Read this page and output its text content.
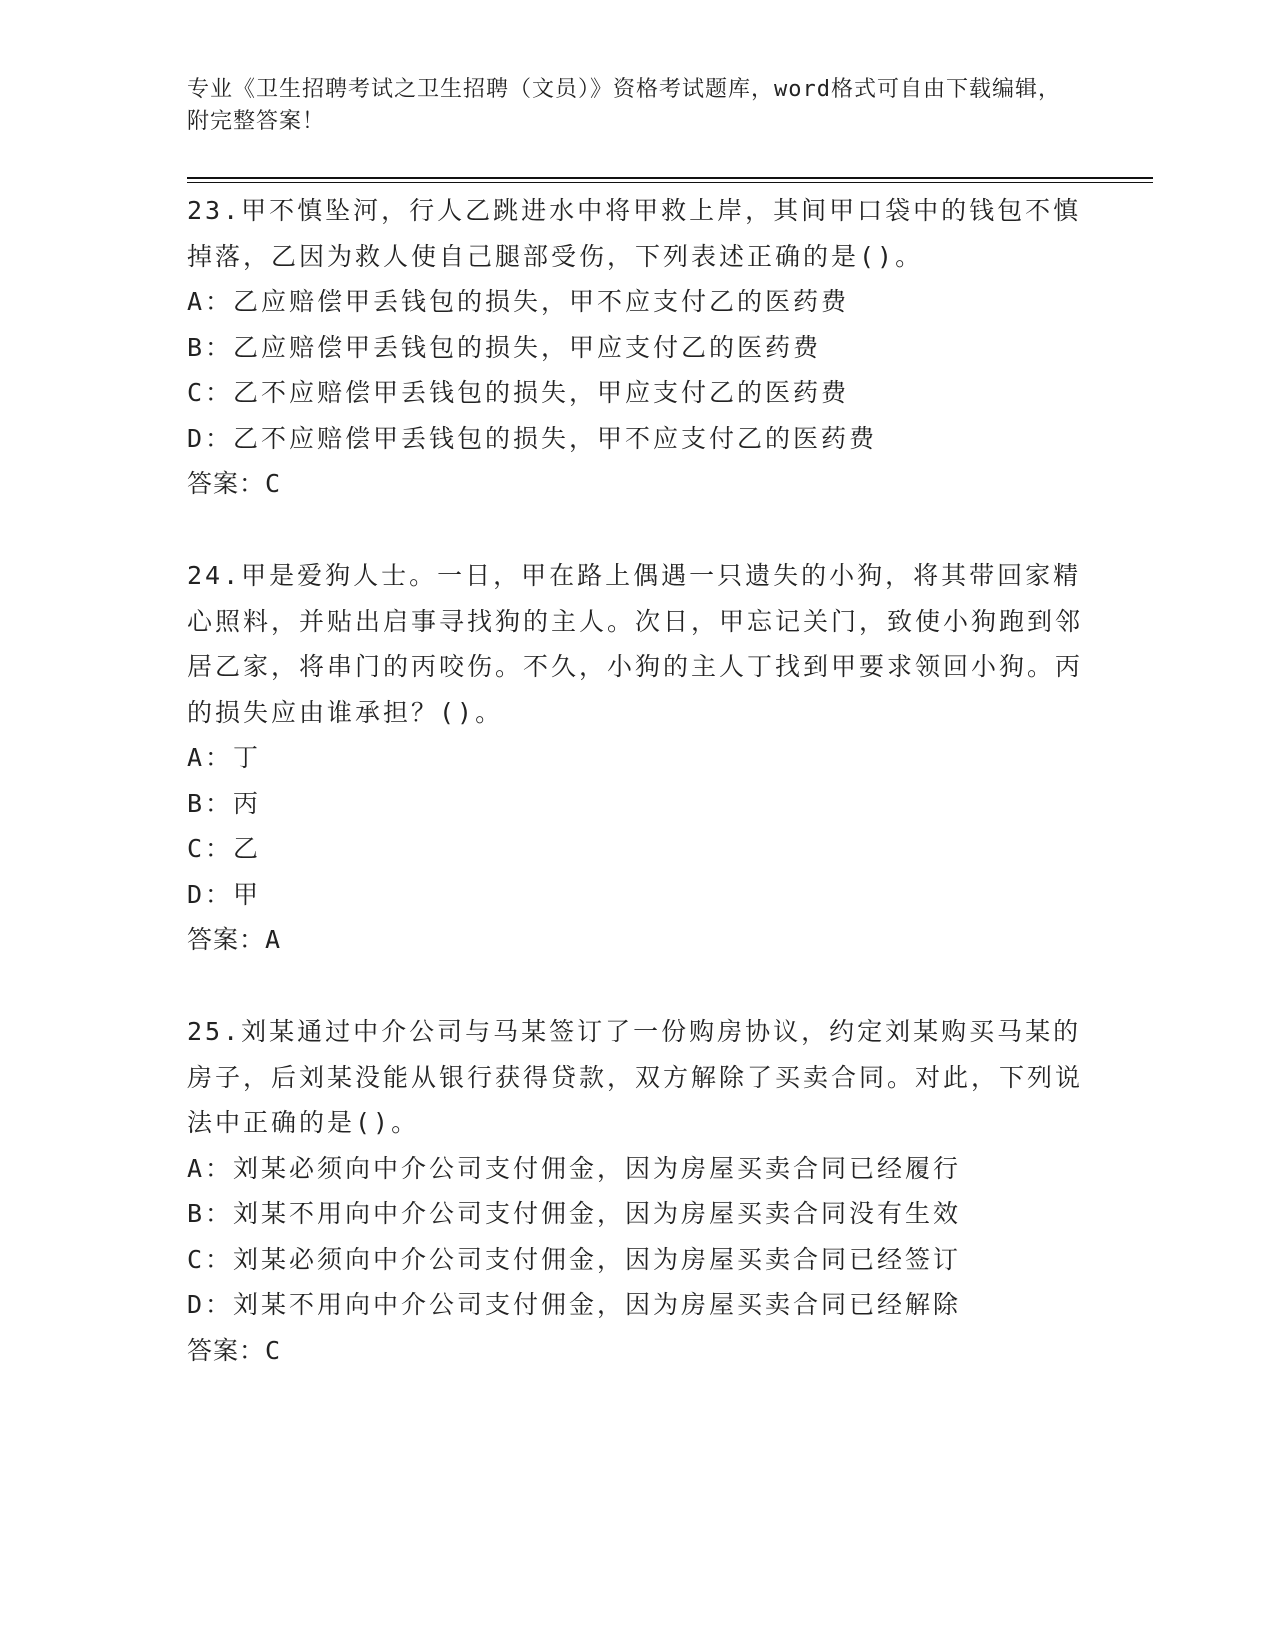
专业《卫生招聘考试之卫生招聘（文员）》资格考试题库，word格式可自由下载编辑，附完整答案！
23.甲不慎坠河，行人乙跳进水中将甲救上岸，其间甲口袋中的钱包不慎掉落，乙因为救人使自己腿部受伤，下列表述正确的是()。
A：乙应赔偿甲丢钱包的损失，甲不应支付乙的医药费
B：乙应赔偿甲丢钱包的损失，甲应支付乙的医药费
C：乙不应赔偿甲丢钱包的损失，甲应支付乙的医药费
D：乙不应赔偿甲丢钱包的损失，甲不应支付乙的医药费
答案：C
24.甲是爱狗人士。一日，甲在路上偶遇一只遗失的小狗，将其带回家精心照料，并贴出启事寻找狗的主人。次日，甲忘记关门，致使小狗跑到邻居乙家，将串门的丙咬伤。不久，小狗的主人丁找到甲要求领回小狗。丙的损失应由谁承担？()。
A：丁
B：丙
C：乙
D：甲
答案：A
25.刘某通过中介公司与马某签订了一份购房协议，约定刘某购买马某的房子，后刘某没能从银行获得贷款，双方解除了买卖合同。对此，下列说法中正确的是()。
A：刘某必须向中介公司支付佣金，因为房屋买卖合同已经履行
B：刘某不用向中介公司支付佣金，因为房屋买卖合同没有生效
C：刘某必须向中介公司支付佣金，因为房屋买卖合同已经签订
D：刘某不用向中介公司支付佣金，因为房屋买卖合同已经解除
答案：C
